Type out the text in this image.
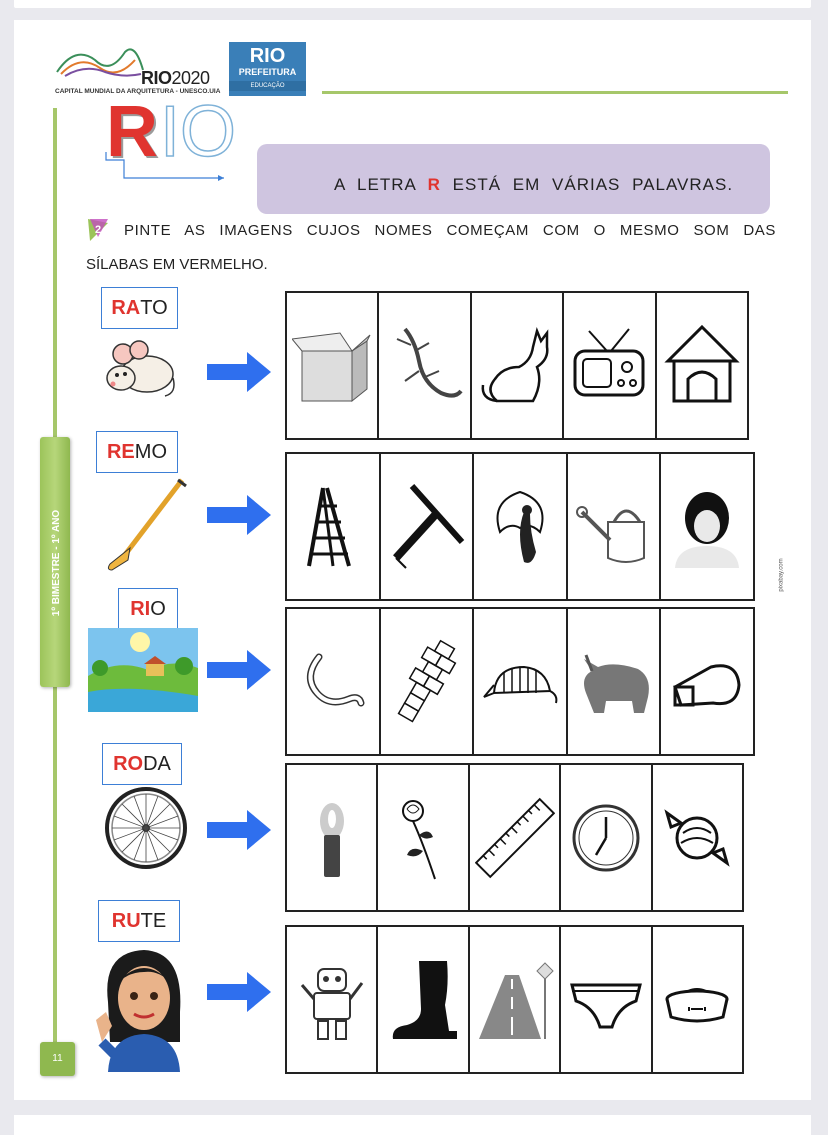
RIO2020
CAPITAL MUNDIAL DA ARQUITETURA - UNESCO.UIA
RIO
PREFEITURA
EDUCAÇÃO
R IO
A LETRA R ESTÁ EM VÁRIAS PALAVRAS.
2 PINTE AS IMAGENS CUJOS NOMES COMEÇAM COM O MESMO SOM DAS
SÍLABAS EM VERMELHO.
1º BIMESTRE - 1º ANO
11
pixabay.com
RATO
REMO
RIO
RODA
RUTE
